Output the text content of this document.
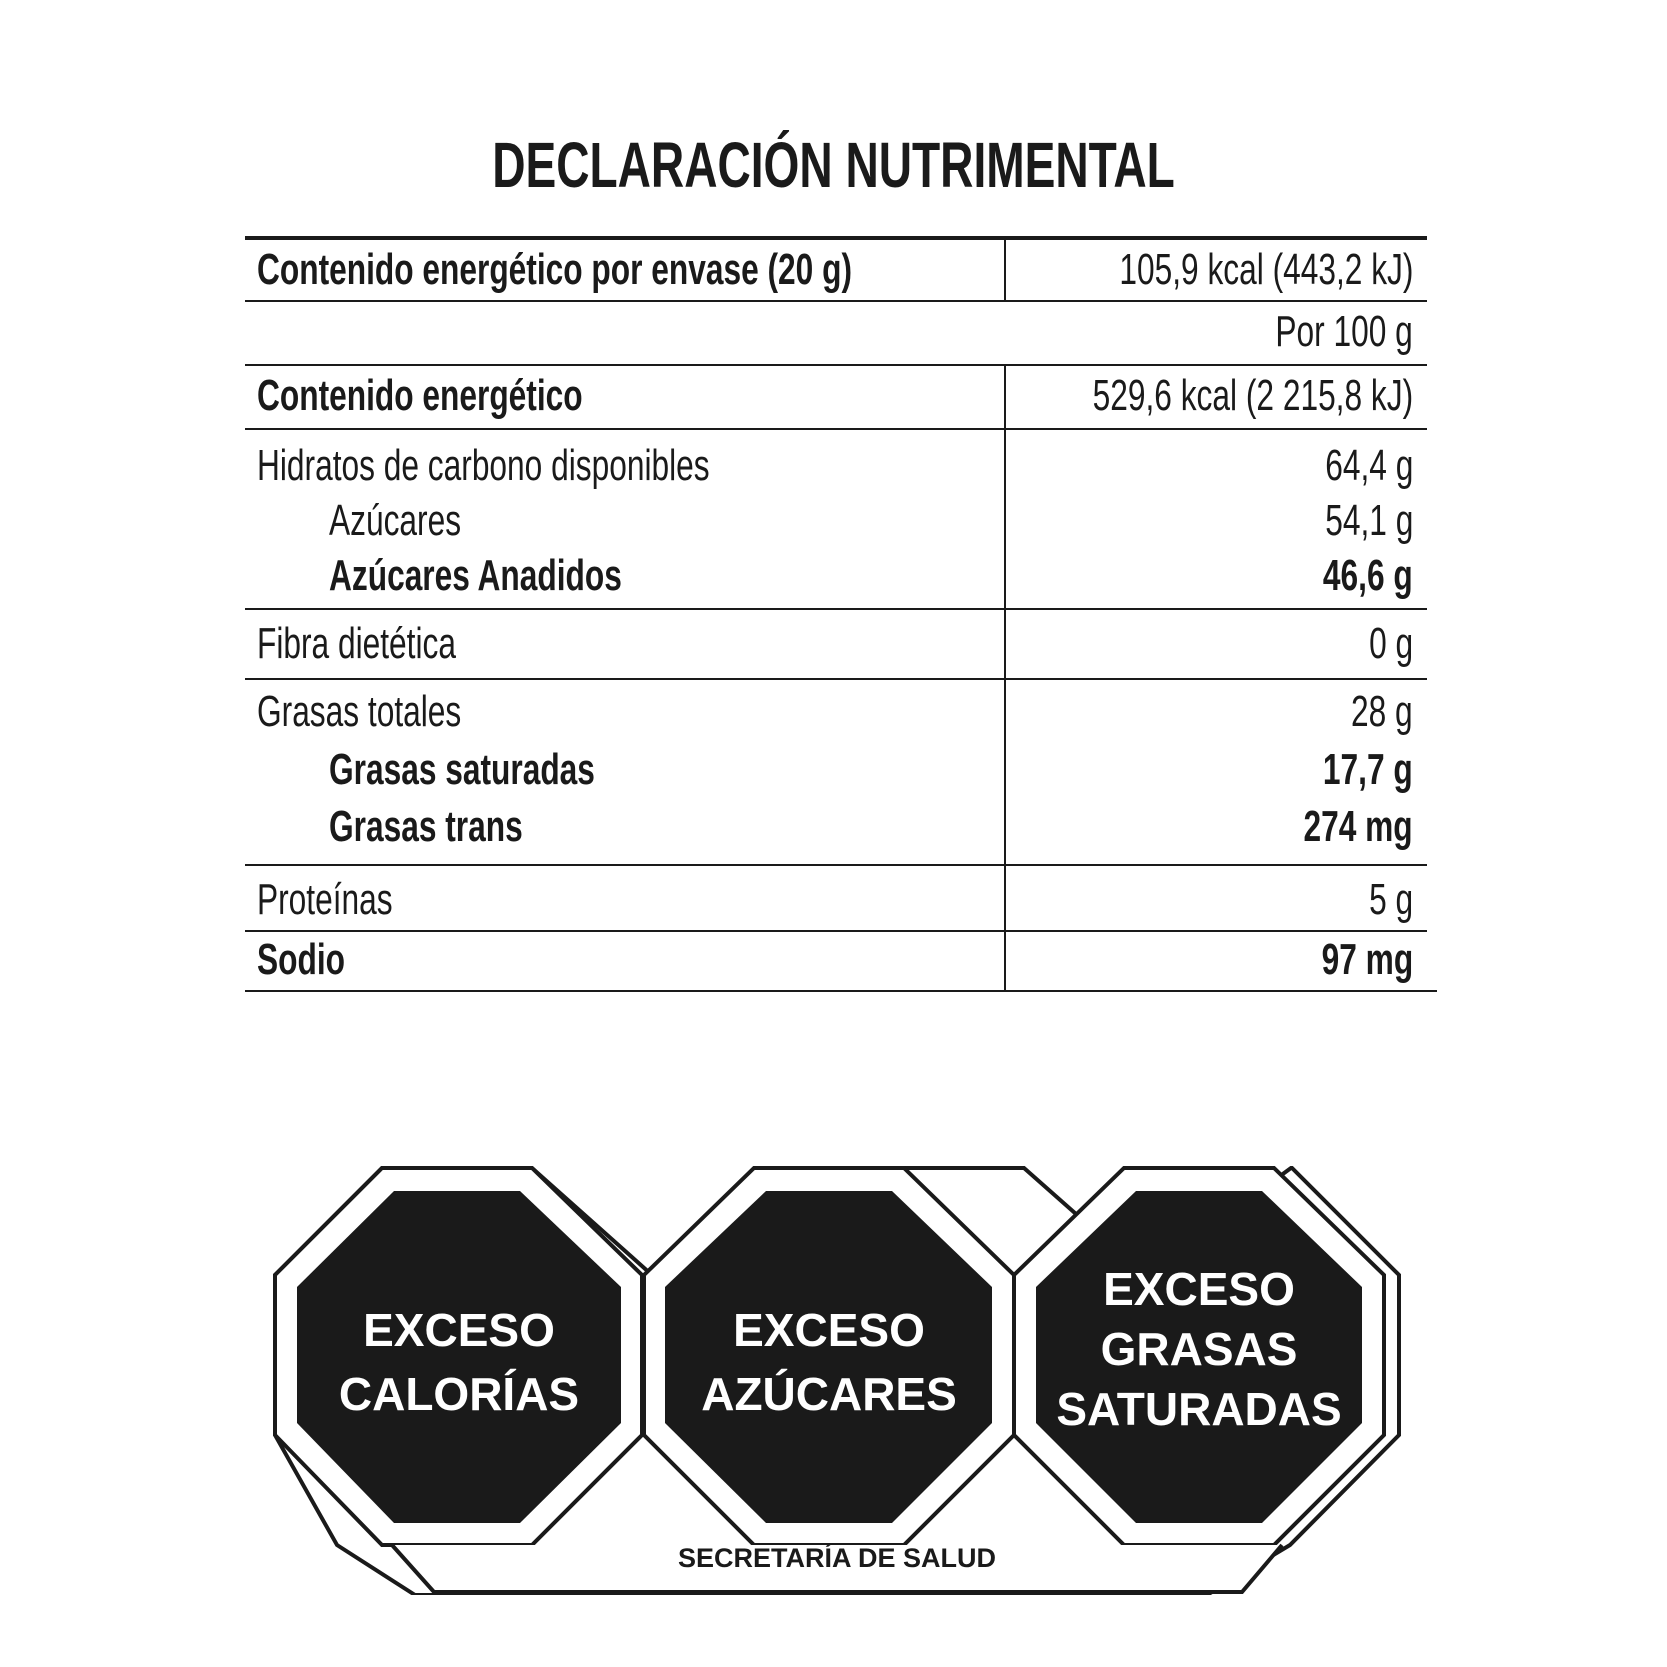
DECLARACIÓN NUTRIMENTAL
Contenido energético por envase (20 g)	105,9 kcal (443,2 kJ)
Por 100 g
Contenido energético	529,6 kcal (2 215,8 kJ)
Hidratos de carbono disponibles	64,4 g
Azúcares	54,1 g
Azúcares Anadidos	46,6 g
Fibra dietética	0 g
Grasas totales	28 g
Grasas saturadas	17,7 g
Grasas trans	274 mg
Proteínas	5 g
Sodio	97 mg
EXCESO
CALORÍAS
EXCESO
AZÚCARES
EXCESO
GRASAS
SATURADAS
SECRETARÍA DE SALUD
